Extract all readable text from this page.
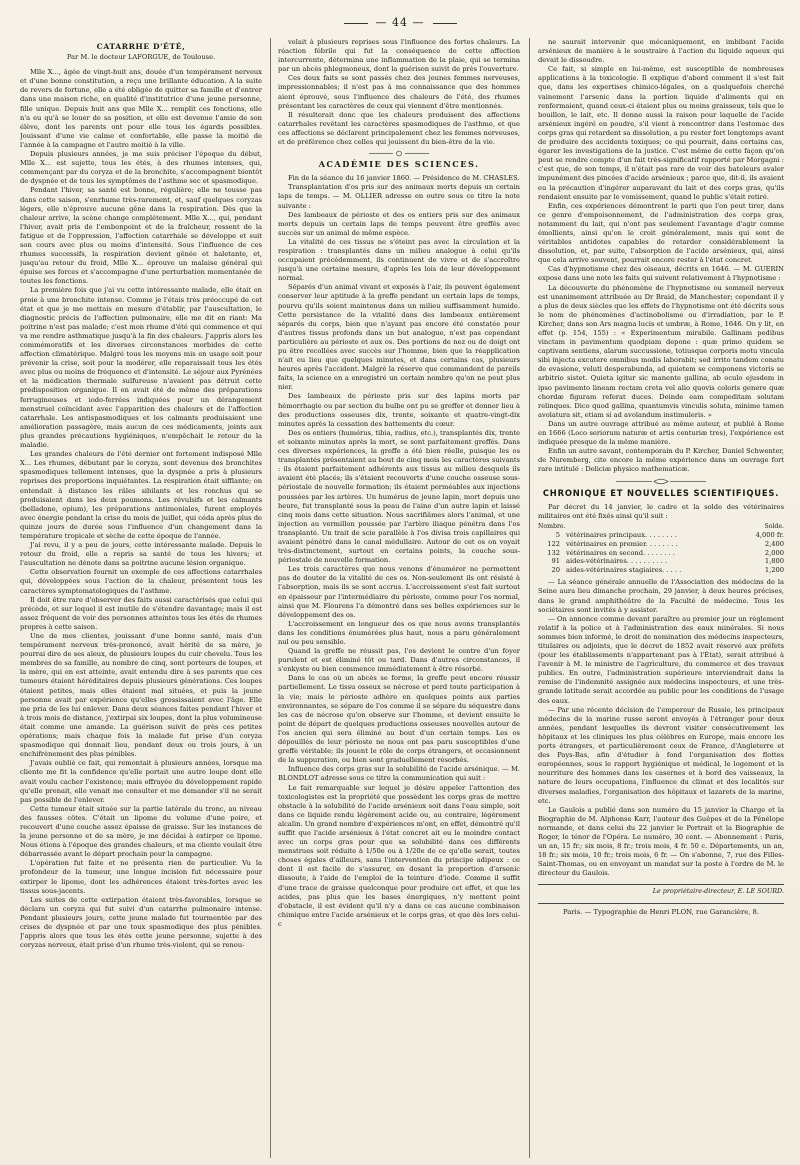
— 44 —
CATARRHE D'ÉTÉ,
Par M. le docteur LAFORGUE, de Toulouse.

Mlle X..., âgée de vingt-huit ans, douée d'un tempérament nerveux et d'une bonne constitution, a reçu une brillante éducation. A la suite de revers de fortune, elle a été obligée de quitter sa famille et d'entrer dans une maison riche, en qualité d'institutrice d'une jeune personne, fille unique. Depuis huit ans que Mlle X... remplit ces fonctions, elle n'a eu qu'à se louer de sa position, et elle est devenue l'amie de son élève, dont les parents ont pour elle tous les égards possibles. Jouissant d'une vie calme et confortable, elle passe la moitié de l'année à la campagne et l'autre moitié à la ville.

Depuis plusieurs années, je me suis préciser l'époque du début, Mlle X... est sujette, tous les étés, à des rhumes intenses, qui, commençant par du coryza et de la bronchite, s'accompagnent bientôt de dyspnée et de tous les symptômes de l'asthme sec et spasmodique.

Pendant l'hiver, sa santé est bonne, régulière; elle ne tousse pas dans cette saison, s'enrhume très-rarement, et, sauf quelques coryzas légers, elle n'éprouve aucune gêne dans la respiration. Dès que la chaleur arrive, la scène change complétement. Mlle X..., qui, pendant l'hiver, avait pris de l'embonpoint et de la fraîcheur, ressent de la fatigue et de l'oppression, l'affection catarrhale se développe et suit son cours avec plus ou moins d'intensité. Sous l'influence de ces rhumes successifs, la respiration devient gênée et haletante, et, jusqu'au retour du froid, Mlle X... éprouve un malaise général qui épuise ses forces et s'accompagne d'une perturbation momentanée de toutes les fonctions.

La première fois que j'ai vu cette intéressante malade, elle était en proie à une bronchite intense. Comme je l'étais très préoccupé de cet état et que je me mettais en mesure d'établir, par l'auscultation, le diagnostic précis de l'affection pulmonaire, elle me dit en riant: Ma poitrine n'est pas malade; c'est mon rhume d'été qui commence et qui va me rendre asthmatique jusqu'à la fin des chaleurs. J'appris alors les commémoratifs et les diverses circonstances morbides de cette affection climatérique. Malgré tous les moyens mis en usage soit pour prévenir la crise, soit pour la modérer, elle reparaissait tous les étés avec plus ou moins de fréquence et d'intensité. Le séjour aux Pyrénées et la médication thermale sulfureuse n'avaient pas détruit cette prédisposition organique. Il en avait été de même des préparations ferrugineuses et iodo-ferrées indiquées pour un dérangement menstruel coïncidant avec l'apparition des chaleurs et de l'affection catarrhale. Les antispasmodiques et les calmants produisaient une amélioration passagère, mais aucun de ces médicaments, joints aux plus grandes précautions hygiéniques, n'empêchait le retour de la maladie.

Les grandes chaleurs de l'été dernier ont fortement indisposé Mlle X... Les rhumes, débutant par le coryza, sont devenus des bronchites spasmodiques tellement intenses, que la dyspnée a pris à plusieurs reprises des proportions inquiétantes. La respiration était sifflante; on entendait à distance les râles sibilants et les ronchus qui se produisaient dans les deux poumons. Les révulsifs et les calmants (belladone, opium), les préparations antimoniales, furent employés avec énergie pendant la crise du mois de juillet, qui céda après plus de quinze jours de durée sous l'influence d'un changement dans la température tropicale et sèche de cette époque de l'année.

J'ai revu, il y a peu de jours, cette intéressante malade. Depuis le retour du froid, elle a repris sa santé de tous les hivers; et l'auscultation ne dénote dans sa poitrine aucune lésion organique.

Cette observation fournit un exemple de ces affections catarrhales qui, développées sous l'action de la chaleur, présentent tous les caractères symptomatologiques de l'asthme.

Il doit être rare d'observer des faits aussi caractérisés que celui qui précède, et sur lequel il est inutile de s'étendre davantage; mais il est assez fréquent de voir des personnes atteintes tous les étés de rhumes propres à cette saison.

Une de mes clientes, jouissant d'une bonne santé, mais d'un tempérament nerveux très-prononcé, avait hérité de sa mère, je pourrai dire de ses aïeux, de plusieurs loupes du cuir chevelu. Tous les membres de sa famille, au nombre de cinq, sont porteurs de loupes, et la mère, qui en est atteinte, avait entendu dire à ses parents que ces tumeurs étaient héréditaires depuis plusieurs générations. Ces loupes étaient petites, mais elles étaient mal situées, et puis la jeune personne avait par expérience qu'elles grossissaient avec l'âge. Elle me pria de les lui enlever. Dans deux séances faites pendant l'hiver et à trois mois de distance, j'extirpai six loupes, dont la plus volumineuse était comme une amande. La guérison suivit de près ces petites opérations; mais chaque fois la malade fut prise d'un coryza spasmodique qui donnait lieu, pendant deux ou trois jours, à un enchifrènement des plus pénibles.

J'avais oublié ce fait, qui remontait à plusieurs années, lorsque ma cliente me fit la confidence qu'elle portait une autre loupe dont elle avait voulu cacher l'existence; mais effrayée du développement rapide qu'elle prenait, elle venait me consulter et me demander s'il ne serait pas possible de l'enlever.

Cette tumeur était située sur la partie latérale du tronc, au niveau des fausses côtes. C'était un lipome du volume d'une poire, et recouvert d'une couche assez épaisse de graisse. Sur les instances de la jeune personne et de sa mère, je me décidai à extirper ce lipome. Nous étions à l'époque des grandes chaleurs, et ma cliente voulait être débarrassée avant le départ prochain pour la campagne.

L'opération fut faite et ne présenta rien de particulier. Vu la profondeur de la tumeur, une longue incision fut nécessaire pour extirper le lipome, dont les adhérences étaient très-fortes avec les tissus sous-jacents.

Les suites de cette extirpation étaient très-favorables, lorsque se déclara un coryza qui fut suivi d'un catarrhe pulmonaire intense. Pendant plusieurs jours, cette jeune malade fut tourmentée par des crises de dyspnée et par une toux spasmodique des plus pénibles. J'appris alors que tous les étés cette jeune personne, sujette à des coryzas nerveux, était prise d'un rhume très-violent, qui se renou-

velait à plusieurs reprises sous l'influence des fortes chaleurs. La réaction fébrile qui fut la conséquence de cette affection intercurrente, détermina une inflammation de la plaie, qui se termina par un abcès phlegmoneux, dont la guérison suivit de près l'ouverture.

Ces deux faits se sont passés chez des jeunes femmes nerveuses, impressionnables; il n'est pas à ma connaissance que des hommes aient éprouvé, sous l'influence des chaleurs de l'été, des rhumes présentant les caractères de ceux qui viennent d'être mentionnés.

Il résulterait donc que les chaleurs produisent des affections catarrhales revêtant les caractères spasmodiques de l'asthme, et que ces affections se déclarent principalement chez les femmes nerveuses, et de préférence chez celles qui jouissent du bien-être de la vie.

ACADÉMIE DES SCIENCES.

Fin de la séance du 16 janvier 1860. — Présidence de M. CHASLES.

Transplantation d'os pris sur des animaux morts depuis un certain laps de temps. — M. OLLIER adresse en outre sous ce titre la note suivante :

Des lambeaux de périoste et des os entiers pris sur des animaux morts depuis un certain laps de temps peuvent être greffés avec succès sur un animal de même espèce.

La vitalité de ces tissus ne s'éteint pas avec la circulation et la respiration : transplantés dans un milieu analogue à celui qu'ils occupaient précédemment, ils continuent de vivre et de s'accroître jusqu'à une certaine mesure, d'après les lois de leur développement normal.

Séparés d'un animal vivant et exposés à l'air, ils peuvent également conserver leur aptitude à la greffe pendant un certain laps de temps, pourvu qu'ils soient maintenus dans un milieu suffisamment humide. Cette persistance de la vitalité dans des lambeaux entièrement séparés du corps, bien que n'ayant pas encore été constatée pour d'autres tissus profonds dans un but analogue, n'est pas cependant particulière au périoste et aux os. Des portions de nez ou de doigt ont pu être recollées avec succès sur l'homme, bien que la réapplication n'ait eu lieu que quelques minutes, et dans certains cas, plusieurs heures après l'accident. Malgré la réserve que commandent de pareils faits, la science en a enregistré un certain nombre qu'on ne peut plus nier.

Des lambeaux de périoste pris sur des lapins morts par hémorrhagie ou par section du bulbe ont pu se greffer et donner lieu à des productions osseuses dix, trente, soixante et quatre-vingt-dix minutes après la cessation des battements du cœur.

Des os entiers (humérus, tibia, radius, etc.), transplantés dix, trente et soixante minutes après la mort, se sont parfaitement greffés. Dans ces diverses expériences, la greffe a été bien réelle, puisque les os transplantés présentaient au bout de cinq mois les caractères suivants : ils étaient parfaitement adhérents aux tissus au milieu desquels ils avaient été placés; ils s'étaient recouverts d'une couche osseuse sous-périostale de nouvelle formation; ils étaient perméables aux injections poussées par les artères. Un humérus de jeune lapin, mort depuis une heure, fut transplanté sous la peau de l'aine d'un autre lapin et laissé cinq mois dans cette situation. Nous sacrifiâmes alors l'animal, et une injection au vermillon poussée par l'artère iliaque pénétra dans l'os transplanté. Un trait de scie parallèle à l'os divisa trois capillaires qui avaient pénétré dans le canal médullaire. Autour de cet os on voyait très-distinctement, surtout en certains points, la couche sous-périostale de nouvelle formation.

Les trois caractères que nous venons d'énumérer ne permettent pas de douter de la vitalité de ces os. Non-seulement ils ont résisté à l'absorption, mais ils se sont accrus. L'accroissement s'est fait surtout en épaisseur par l'intermédiaire du périoste, comme pour l'os normal, ainsi que M. Flourens l'a démontré dans ses belles expériences sur le développement des os.

L'accroissement en longueur des os que nous avons transplantés dans les conditions énumérées plus haut, nous a paru généralement nul ou peu sensible.

Quand la greffe ne réussit pas, l'os devient le centre d'un foyer purulent et est éliminé tôt ou tard. Dans d'autres circonstances, il s'enkyste ou bien commence immédiatement à être résorbé.

Dans le cas où un abcès se forme, la greffe peut encore réussir partiellement. Le tissu osseux se nécrose et perd toute participation à la vie; mais le périoste adhère en quelques points aux parties environnantes, se sépare de l'os comme il se sépare du séquestre dans les cas de nécrose qu'on observe sur l'homme, et devient ensuite le point de départ de quelques productions osseuses nouvelles autour de l'os ancien qui sera éliminé au bout d'un certain temps. Les os dépouillés de leur périoste ne nous ont pas paru susceptibles d'une greffe véritable; ils jouent le rôle de corps étrangers, et occasionnent de la suppuration, ou bien sont graduellement résorbés.

Influence des corps gras sur la solubilité de l'acide arsénique. — M. BLONDLOT adresse sous ce titre la communication qui suit :

Le fait remarquable sur lequel je désire appeler l'attention des toxicologistes est la propriété que possèdent les corps gras de mettre obstacle à la solubilité de l'acide arsénieux soit dans l'eau simple, soit dans ce liquide rendu légèrement acide ou, au contraire, légèrement alcalin. Un grand nombre d'expériences m'ont, en effet, démontré qu'il suffit que l'acide arsénieux à l'état concret ait eu le moindre contact avec un corps gras pour que sa solubilité dans ces différents menstrues soit réduite à 1/50e ou à 1/20e de ce qu'elle serait, toutes choses égales d'ailleurs, sans l'intervention du principe adipeux : ce dont il est facile de s'assurer, en dosant la proportion d'arsenic dissoute, à l'aide de l'emploi de la teinture d'iode. Comme il suffit d'une trace de graisse quelconque pour produire cet effet, et que les acides, pas plus que les bases énergiques, n'y mettent point d'obstacle, il est évident qu'il n'y a dans ce cas aucune combinaison chimique entre l'acide arsénieux et le corps gras, et que dès lors celui-c

ne saurait intervenir que mécaniquement, en imbibant l'acide arsénieux de manière à le soustraire à l'action du liquide aqueux qui devait le dissoudre.

Ce fait, si simple en lui-même, est susceptible de nombreuses applications à la toxicologie. Il explique d'abord comment il s'est fait que, dans les expertises chimico-légales, on a quelquefois cherché vainement l'arsenic dans la portion liquide d'aliments qui en renfermaient, quand ceux-ci étaient plus ou moins graisseux, tels que le bouillon, le lait, etc. Il donne aussi la raison pour laquelle de l'acide arsénieux ingéré en poudre, s'il vient à rencontrer dans l'estomac des corps gras qui retardent sa dissolution, a pu rester fort longtemps avant de produire des accidents toxiques; ce qui pourrait, dans certains cas, égarer les investigations de la justice. C'est même de cette façon qu'on peut se rendre compte d'un fait très-significatif rapporté par Morgagni : c'est que, de son temps, il n'était pas rare de voir des bateleurs avaler impunément des pincées d'acide arsénieux ; parce que, dit-il, ils avaient eu la précaution d'ingérer auparavant du lait et des corps gras, qu'ils rendaient ensuite par le vomissement, quand le public s'était retiré.

Enfin, ces expériences démontrent le parti que l'on peut tirer, dans ce genre d'empoisonnement, de l'administration des corps gras, notamment du lait, qui n'ont pas seulement l'avantage d'agir comme émollients, ainsi qu'on le croit généralement, mais qui sont de véritables antidotes capables de retarder considérablement la dissolution, et, par suite, l'absorption de l'acide arsénieux, qui, ainsi que cela arrive souvent, pourrait encore rester à l'état concret.

Cas d'hypnotisme chez des oiseaux, décrits en 1646. — M. GUERIN expose dans une note les faits qui suivent relativement à l'hypnotisme :

La découverte du phénomène de l'hypnotisme ou sommeil nerveux est unanimement attribuée au Dr Braid, de Manchester; cependant il y a plus de deux siècles que les effets de l'hypnotisme ont été décrits sous le nom de phénomènes d'actinobolisme ou d'irradiation, par le P. Kircher, dans son Ars magna lucis et umbræ, à Rome, 1646. On y lit, en effet (p. 154, 155) : « Experimentum mirabile. Gallinam pedibus vinctam in pavimentum quodpiam depone : quæ primo quidem se captivam sentiens, alarum succussione, totiusque corporis motu vincula sibi injecta excutere omnibus modis laborabit; sed irrito tandem conatu de evasione, veluti desperabunda, ad quietem se componens victoris se arbitrio sistet. Quieta igitur sic manente gallina, ab oculo ejusdem in ipso pavimento lineam rectam creta vel alio quovis coloris genere quæ chordæ figuram referat duces. Deinde eam compeditam solutam relinques. Dico quod gallina, quantumvis vinculis soluta, minime tamen avolatura sit, etiam si ad avolandum instimuleris. »

Dans un autre ouvrage attribué au même auteur, et publié à Rome en 1666 (Loco seriorum naturæ et artis centuriæ tres), l'expérience est indiquée presque de la même manière.

Enfin un autre savant, contemporain du P. Kircher, Daniel Schwenter, de Nuremberg, cite encore la même expérience dans un ouvrage fort rare intitulé : Deliciæ physico mathematicæ.

CHRONIQUE ET NOUVELLES SCIENTIFIQUES.

Par décret du 14 janvier, le cadre et la solde des vétérinaires militaires ont été fixés ainsi qu'il suit :

Nombre.		Solde.
5	vétérinaires principaux. . . . . . . .	4,000 fr.
122	vétérinaires en premier. . . . . . . .	2,400
132	vétérinaires en second. . . . . . . .	2,000
91	aides-vétérinaires. . . . . . . . . .	1,800
20	aides-vétérinaires stagiaires. . . . .	1,200

— La séance générale annuelle de l'Association des médecins de la Seine aura lieu dimanche prochain, 29 janvier, à deux heures précises, dans le grand amphithéâtre de la Faculté de médecine. Tous les sociétaires sont invités à y assister.

— On annonce comme devant paraître au premier jour un règlement relatif à la police et à l'administration des eaux minérales. Si nous sommes bien informé, le droit de nomination des médecins inspecteurs, titulaires ou adjoints, que le décret de 1852 avait réservé aux préfets (pour les établissements n'appartenant pas à l'État), serait attribué à l'avenir à M. le ministre de l'agriculture, du commerce et des travaux publics. En outre, l'administration supérieure interviendrait dans la remise de l'indemnité assignée aux médecins inspecteurs, et une très-grande latitude serait accordée au public pour les conditions de l'usage des eaux.

— Par une récente décision de l'empereur de Russie, les principaux médecins de la marine russe seront envoyés à l'étranger pour deux années, pendant lesquelles ils devront visiter consécutivement les hôpitaux et les cliniques les plus célèbres en Europe, mais encore les ports étrangers, et particulièrement ceux de France, d'Angleterre et des Pays-Bas, afin d'étudier à fond l'organisation des flottes européennes, sous le rapport hygiénique et médical, le logement et la nourriture des hommes dans les casernes et à bord des vaisseaux, la nature de leurs occupations, l'influence du climat et des localités sur diverses maladies, l'organisation des hôpitaux et lazarets de la marine, etc.

Le Gaulois a publié dans son numéro du 15 janvier la Charge et la Biographie de M. Alphonse Karr, l'auteur des Guêpes et de la Pénélope normande, et dans celui du 22 janvier le Portrait et la Biographie de Roger, le ténor de l'Opéra. Le numéro, 30 cent. — Abonnement : Paris, un an, 15 fr.; six mois, 8 fr.; trois mois, 4 fr. 50 c. Départements, un an, 18 fr.; six mois, 10 fr.; trois mois, 6 fr. — On s'abonne, 7, rue des Filles-Saint-Thomas, ou en envoyant un mandat sur la poste à l'ordre de M. le directeur du Gaulois.

Le propriétaire-directeur, E. LE SOURD.
Paris. — Typographie de Henri PLON, rue Garancière, 8.
